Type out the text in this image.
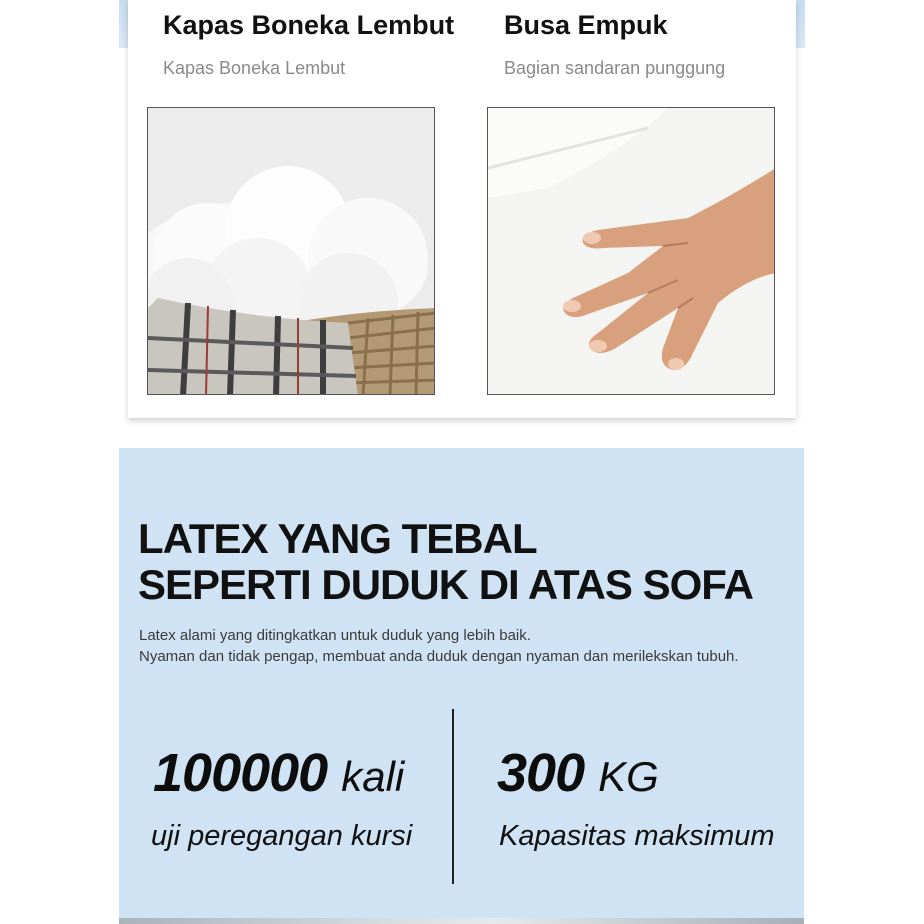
Kapas Boneka Lembut
Kapas Boneka Lembut
Busa Empuk
Bagian sandaran punggung
LATEX YANG TEBAL
SEPERTI DUDUK DI ATAS SOFA
Latex alami yang ditingkatkan untuk duduk yang lebih baik.
Nyaman dan tidak pengap, membuat anda duduk dengan nyaman dan merilekskan tubuh.
100000 kali
uji peregangan kursi
300 KG
Kapasitas maksimum
